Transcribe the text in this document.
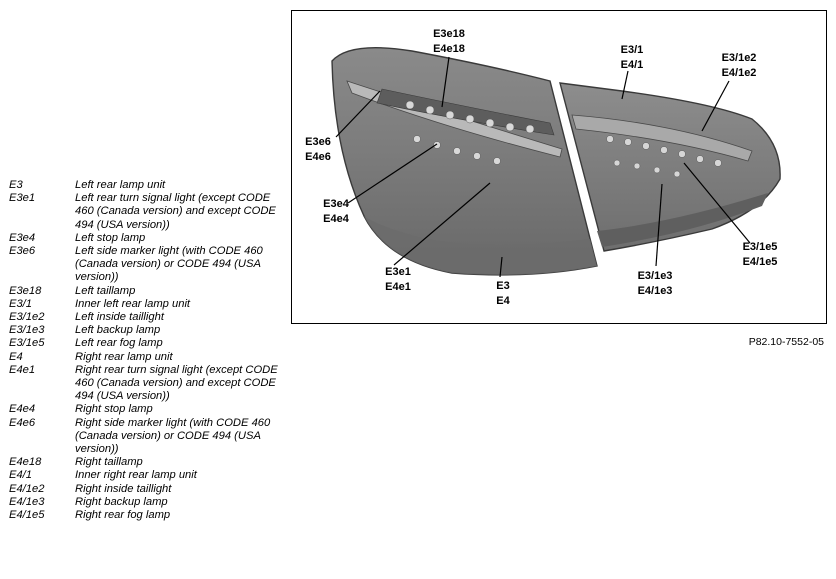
E3	Left rear lamp unit
E3e1	Left rear turn signal light (except CODE 460 (Canada version) and except CODE 494 (USA version))
E3e4	Left stop lamp
E3e6	Left side marker light (with CODE 460 (Canada version) or CODE 494 (USA version))
E3e18	Left taillamp
E3/1	Inner left rear lamp unit
E3/1e2	Left inside taillight
E3/1e3	Left backup lamp
E3/1e5	Left rear fog lamp
E4	Right rear lamp unit
E4e1	Right rear turn signal light (except CODE 460 (Canada version) and except CODE 494 (USA version))
E4e4	Right stop lamp
E4e6	Right side marker light (with CODE 460 (Canada version) or CODE 494 (USA version))
E4e18	Right taillamp
E4/1	Inner right rear lamp unit
E4/1e2	Right inside taillight
E4/1e3	Right backup lamp
E4/1e5	Right rear fog lamp
E3e18
E4e18	E3/1
E4/1
E3/1e2
E4/1e2
E3e6
E4e6
E3e4
E4e4
E3e1
E4e1	E3
E4
E3/1e3
E4/1e3
E3/1e5
E4/1e5
P82.10-7552-05
